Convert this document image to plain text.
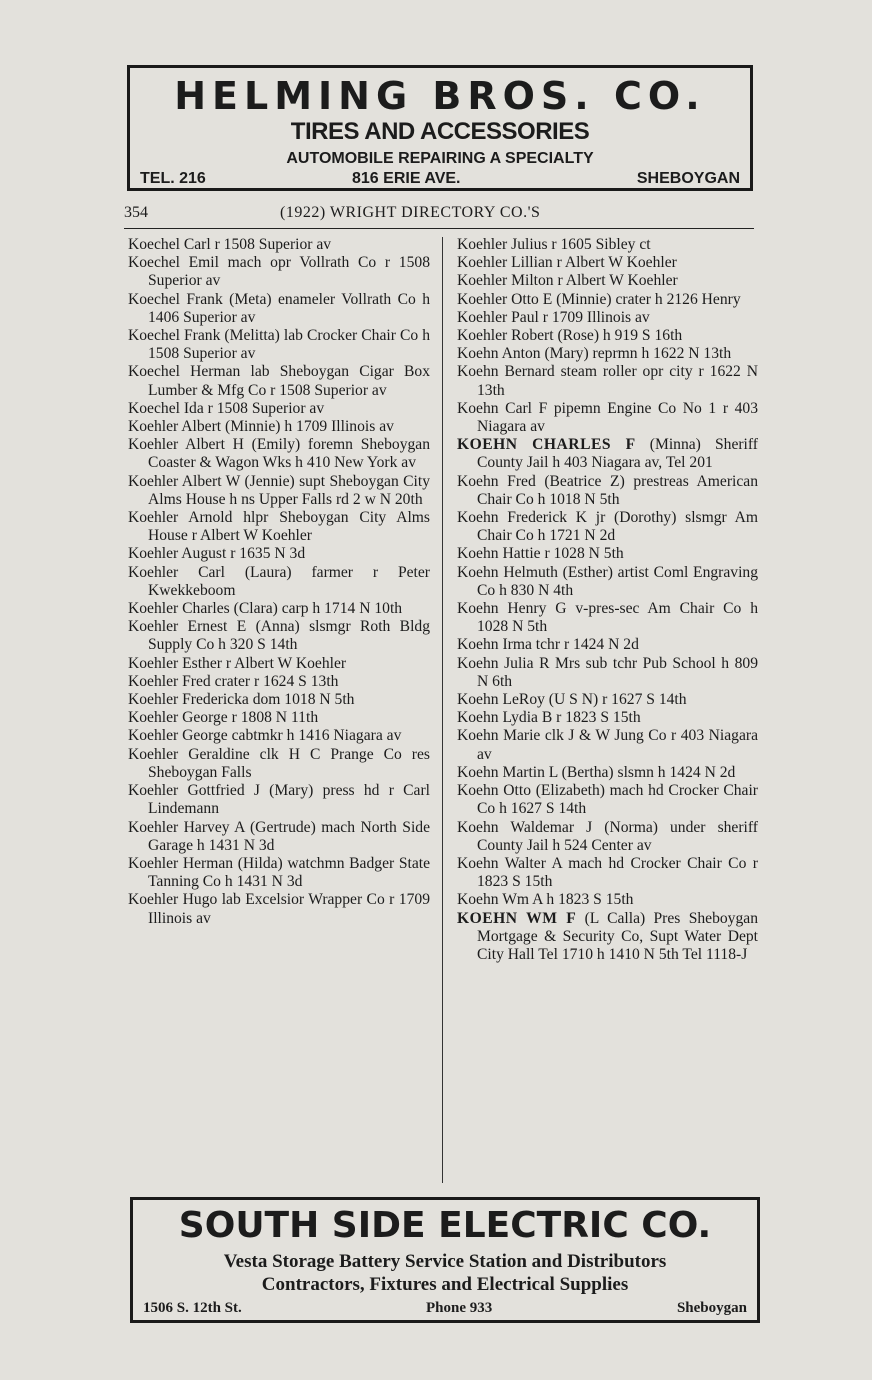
HELMING BROS. CO.
TIRES AND ACCESSORIES
AUTOMOBILE REPAIRING A SPECIALTY
TEL. 216	816 ERIE AVE.	SHEBOYGAN
354	(1922) WRIGHT DIRECTORY CO.'S

Koechel Carl r 1508 Superior av

Koechel Emil mach opr Vollrath Co r 1508 Superior av

Koechel Frank (Meta) enameler Vollrath Co h 1406 Superior av

Koechel Frank (Melitta) lab Crocker Chair Co h 1508 Superior av

Koechel Herman lab Sheboygan Cigar Box Lumber & Mfg Co r 1508 Superior av

Koechel Ida r 1508 Superior av

Koehler Albert (Minnie) h 1709 Illinois av

Koehler Albert H (Emily) foremn Sheboygan Coaster & Wagon Wks h 410 New York av

Koehler Albert W (Jennie) supt Sheboygan City Alms House h ns Upper Falls rd 2 w N 20th

Koehler Arnold hlpr Sheboygan City Alms House r Albert W Koehler

Koehler August r 1635 N 3d

Koehler Carl (Laura) farmer r Peter Kwekkeboom

Koehler Charles (Clara) carp h 1714 N 10th

Koehler Ernest E (Anna) slsmgr Roth Bldg Supply Co h 320 S 14th

Koehler Esther r Albert W Koehler

Koehler Fred crater r 1624 S 13th

Koehler Fredericka dom 1018 N 5th

Koehler George r 1808 N 11th

Koehler George cabtmkr h 1416 Niagara av

Koehler Geraldine clk H C Prange Co res Sheboygan Falls

Koehler Gottfried J (Mary) press hd r Carl Lindemann

Koehler Harvey A (Gertrude) mach North Side Garage h 1431 N 3d

Koehler Herman (Hilda) watchmn Badger State Tanning Co h 1431 N 3d

Koehler Hugo lab Excelsior Wrapper Co r 1709 Illinois av

Koehler Julius r 1605 Sibley ct

Koehler Lillian r Albert W Koehler

Koehler Milton r Albert W Koehler

Koehler Otto E (Minnie) crater h 2126 Henry

Koehler Paul r 1709 Illinois av

Koehler Robert (Rose) h 919 S 16th

Koehn Anton (Mary) reprmn h 1622 N 13th

Koehn Bernard steam roller opr city r 1622 N 13th

Koehn Carl F pipemn Engine Co No 1 r 403 Niagara av

KOEHN CHARLES F (Minna) Sheriff County Jail h 403 Niagara av, Tel 201

Koehn Fred (Beatrice Z) prestreas American Chair Co h 1018 N 5th

Koehn Frederick K jr (Dorothy) slsmgr Am Chair Co h 1721 N 2d

Koehn Hattie r 1028 N 5th

Koehn Helmuth (Esther) artist Coml Engraving Co h 830 N 4th

Koehn Henry G v-pres-sec Am Chair Co h 1028 N 5th

Koehn Irma tchr r 1424 N 2d

Koehn Julia R Mrs sub tchr Pub School h 809 N 6th

Koehn LeRoy (U S N) r 1627 S 14th

Koehn Lydia B r 1823 S 15th

Koehn Marie clk J & W Jung Co r 403 Niagara av

Koehn Martin L (Bertha) slsmn h 1424 N 2d

Koehn Otto (Elizabeth) mach hd Crocker Chair Co h 1627 S 14th

Koehn Waldemar J (Norma) under sheriff County Jail h 524 Center av

Koehn Walter A mach hd Crocker Chair Co r 1823 S 15th

Koehn Wm A h 1823 S 15th

KOEHN WM F (L Calla) Pres Sheboygan Mortgage & Security Co, Supt Water Dept City Hall Tel 1710 h 1410 N 5th Tel 1118-J

SOUTH SIDE ELECTRIC CO.
Vesta Storage Battery Service Station and Distributors
Contractors, Fixtures and Electrical Supplies
1506 S. 12th St.	Phone 933	Sheboygan
